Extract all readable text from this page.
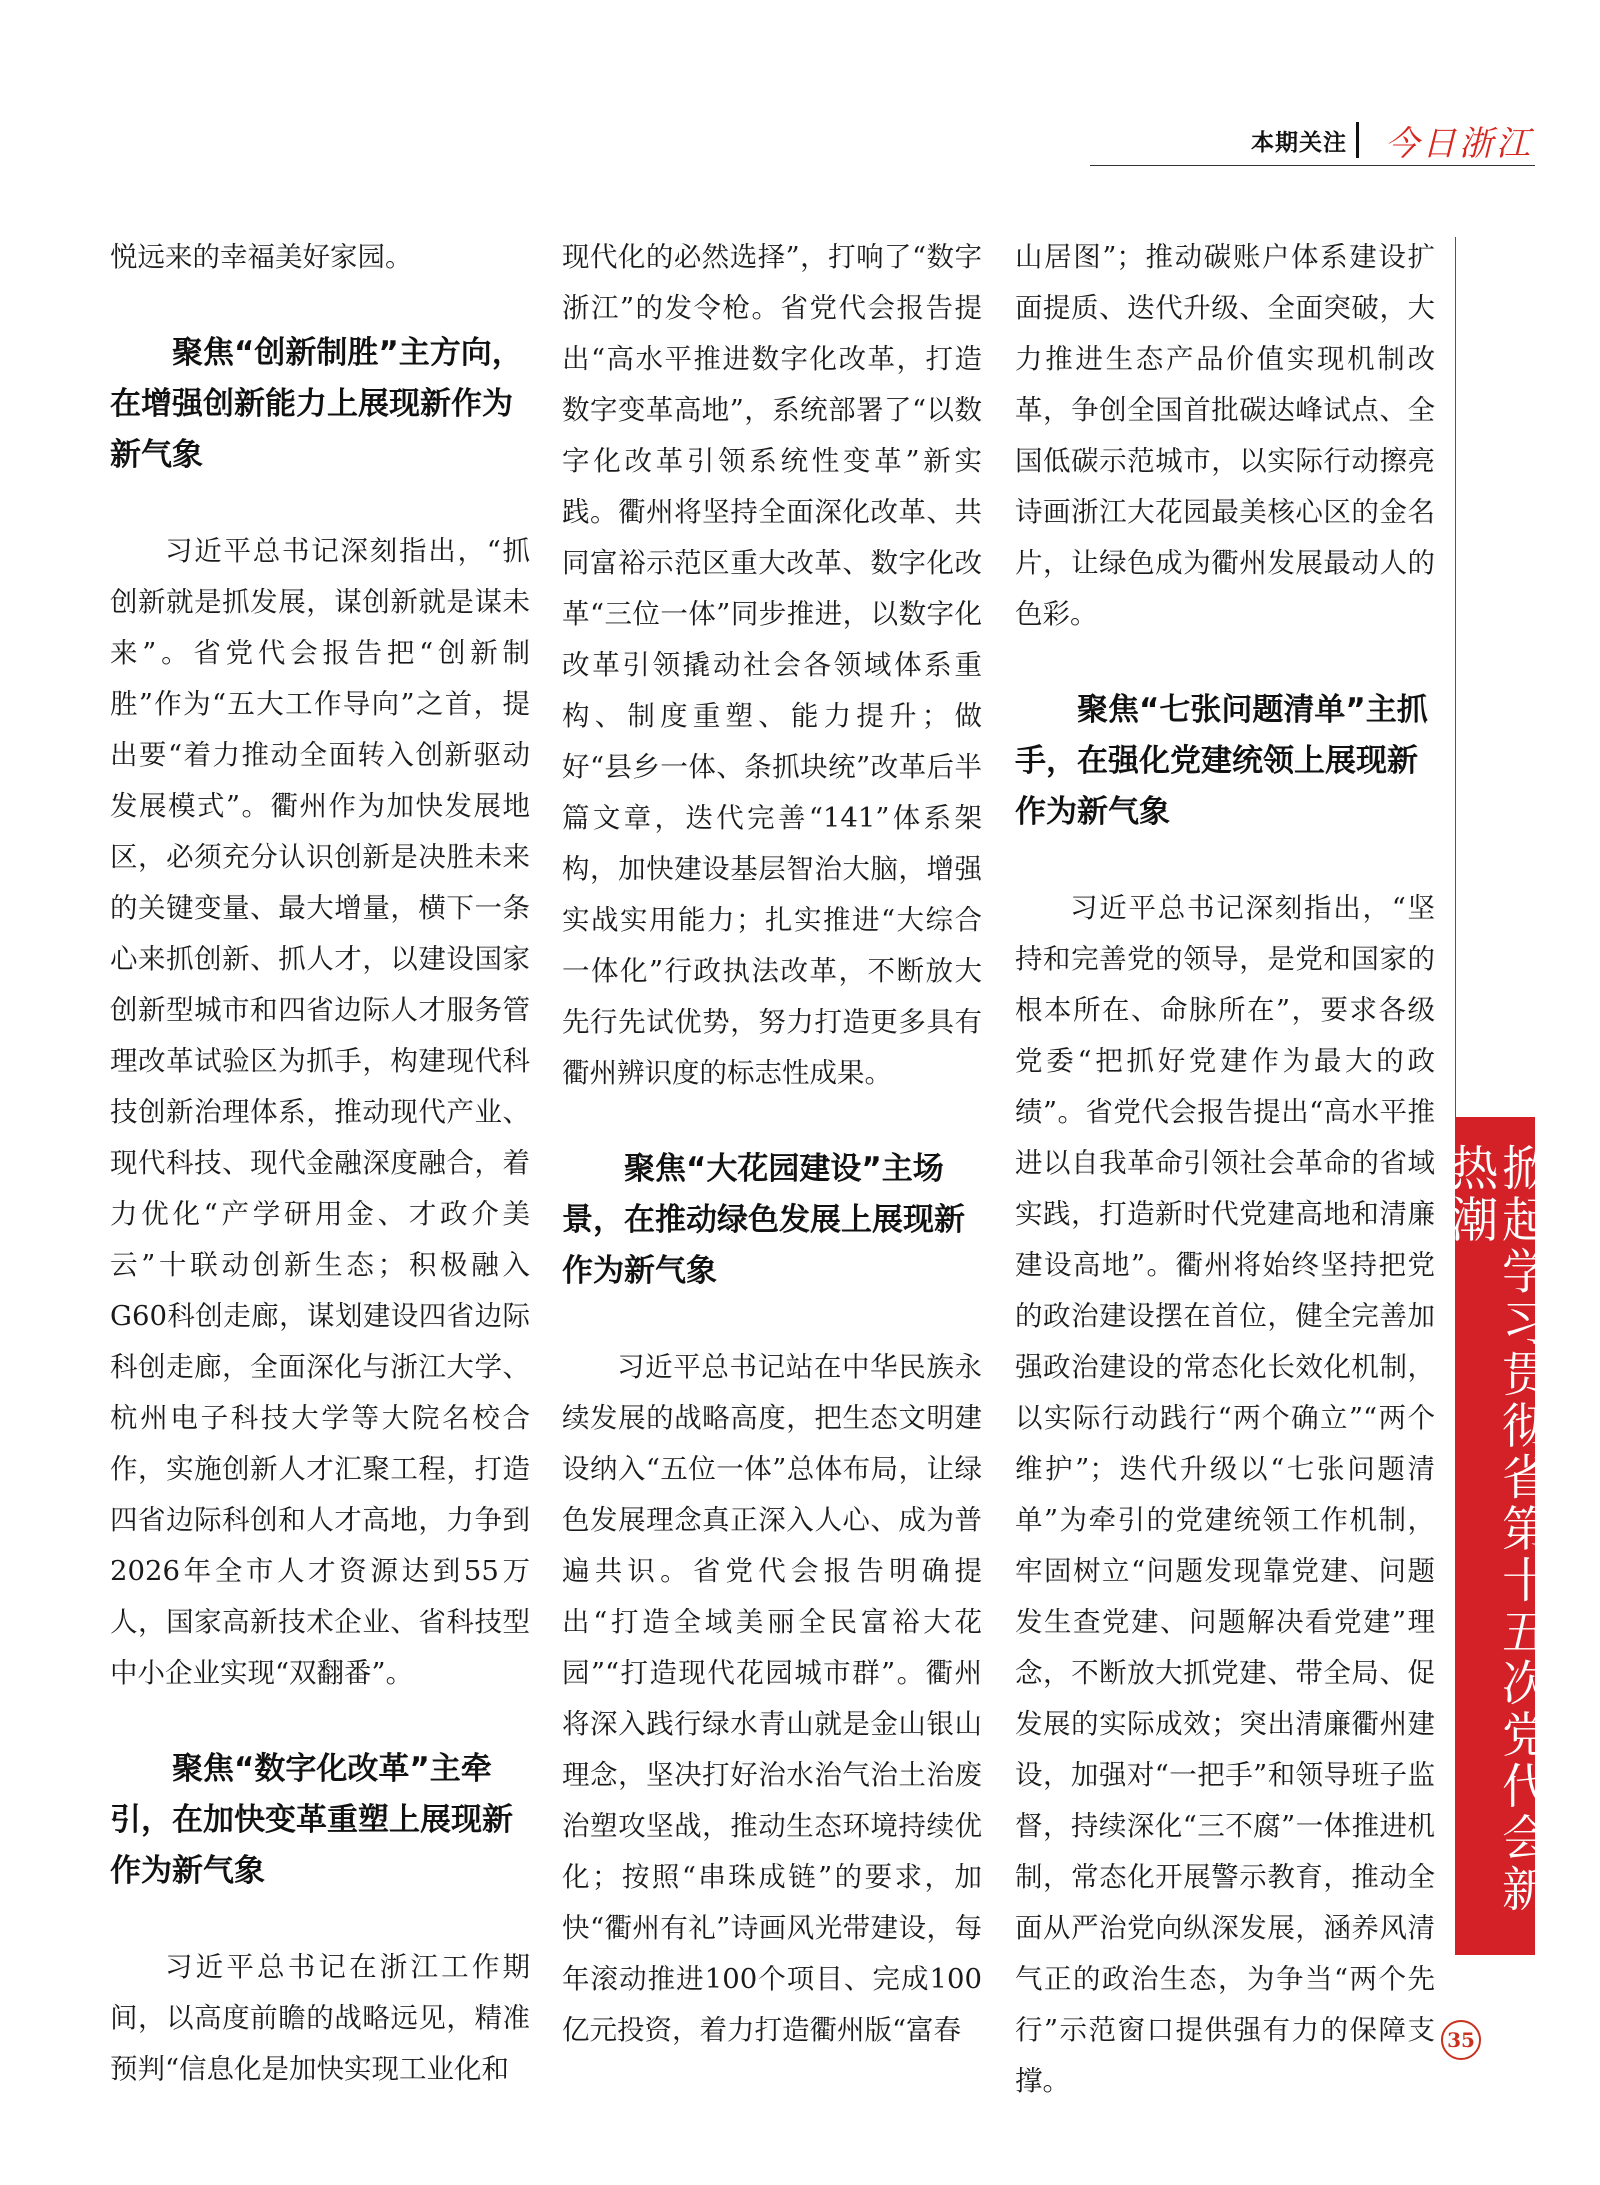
本期关注 今日浙江

悦远来的幸福美好家园。

聚焦“创新制胜”主方向，在增强创新能力上展现新作为新气象

习近平总书记深刻指出，“抓创新就是抓发展，谋创新就是谋未来”。省党代会报告把“创新制胜”作为“五大工作导向”之首，提出要“着力推动全面转入创新驱动发展模式”。衢州作为加快发展地区，必须充分认识创新是决胜未来的关键变量、最大增量，横下一条心来抓创新、抓人才，以建设国家创新型城市和四省边际人才服务管理改革试验区为抓手，构建现代科技创新治理体系，推动现代产业、现代科技、现代金融深度融合，着力优化“产学研用金、才政介美云”十联动创新生态；积极融入G60科创走廊，谋划建设四省边际科创走廊，全面深化与浙江大学、杭州电子科技大学等大院名校合作，实施创新人才汇聚工程，打造四省边际科创和人才高地，力争到2026年全市人才资源达到55万人，国家高新技术企业、省科技型中小企业实现“双翻番”。

聚焦“数字化改革”主牵引，在加快变革重塑上展现新作为新气象

习近平总书记在浙江工作期间，以高度前瞻的战略远见，精准预判“信息化是加快实现工业化和

现代化的必然选择”，打响了“数字浙江”的发令枪。省党代会报告提出“高水平推进数字化改革，打造数字变革高地”，系统部署了“以数字化改革引领系统性变革”新实践。衢州将坚持全面深化改革、共同富裕示范区重大改革、数字化改革“三位一体”同步推进，以数字化改革引领撬动社会各领域体系重构、制度重塑、能力提升；做好“县乡一体、条抓块统”改革后半篇文章，迭代完善“141”体系架构，加快建设基层智治大脑，增强实战实用能力；扎实推进“大综合一体化”行政执法改革，不断放大先行先试优势，努力打造更多具有衢州辨识度的标志性成果。

聚焦“大花园建设”主场景，在推动绿色发展上展现新作为新气象

习近平总书记站在中华民族永续发展的战略高度，把生态文明建设纳入“五位一体”总体布局，让绿色发展理念真正深入人心、成为普遍共识。省党代会报告明确提出“打造全域美丽全民富裕大花园”“打造现代花园城市群”。衢州将深入践行绿水青山就是金山银山理念，坚决打好治水治气治土治废治塑攻坚战，推动生态环境持续优化；按照“串珠成链”的要求，加快“衢州有礼”诗画风光带建设，每年滚动推进100个项目、完成100亿元投资，着力打造衢州版“富春

山居图”；推动碳账户体系建设扩面提质、迭代升级、全面突破，大力推进生态产品价值实现机制改革，争创全国首批碳达峰试点、全国低碳示范城市，以实际行动擦亮诗画浙江大花园最美核心区的金名片，让绿色成为衢州发展最动人的色彩。

聚焦“七张问题清单”主抓手，在强化党建统领上展现新作为新气象

习近平总书记深刻指出，“坚持和完善党的领导，是党和国家的根本所在、命脉所在”，要求各级党委“把抓好党建作为最大的政绩”。省党代会报告提出“高水平推进以自我革命引领社会革命的省域实践，打造新时代党建高地和清廉建设高地”。衢州将始终坚持把党的政治建设摆在首位，健全完善加强政治建设的常态化长效化机制，以实际行动践行“两个确立”“两个维护”；迭代升级以“七张问题清单”为牵引的党建统领工作机制，牢固树立“问题发现靠党建、问题发生查党建、问题解决看党建”理念，不断放大抓党建、带全局、促发展的实际成效；突出清廉衢州建设，加强对“一把手”和领导班子监督，持续深化“三不腐”一体推进机制，常态化开展警示教育，推动全面从严治党向纵深发展，涵养风清气正的政治生态，为争当“两个先行”示范窗口提供强有力的保障支撑。

掀起学习贯彻省第十五次党代会新热潮
35
